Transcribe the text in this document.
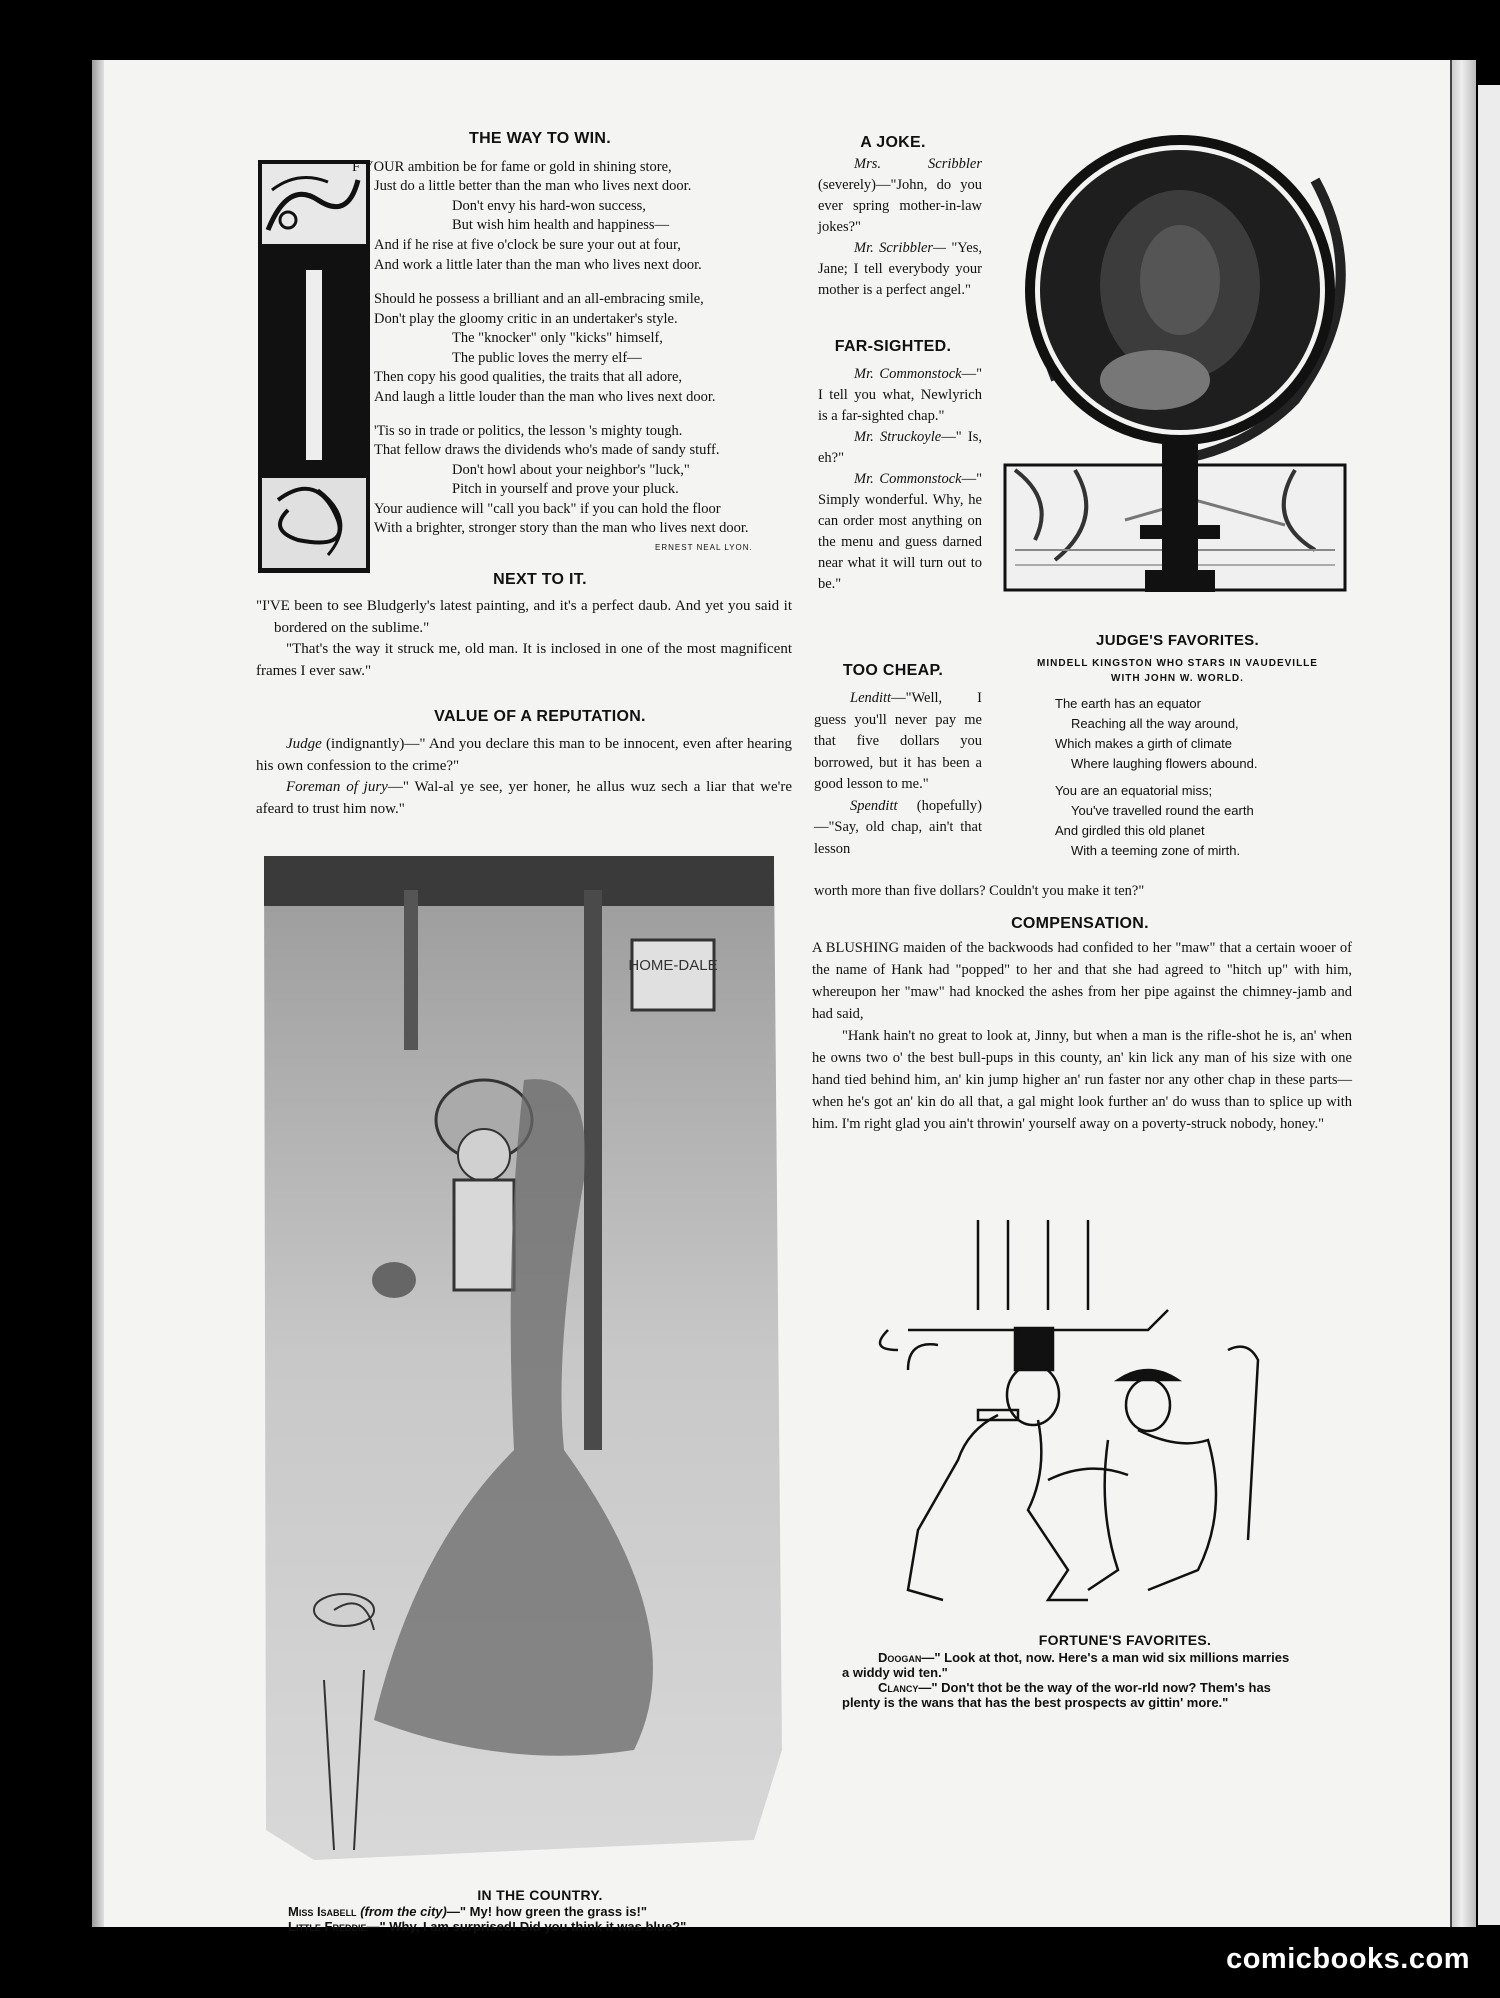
THE WAY TO WIN.
F YOUR ambition be for fame or gold in shining store,
Just do a little better than the man who lives next door.
Don't envy his hard-won success,
But wish him health and happiness—
And if he rise at five o'clock be sure your out at four,
And work a little later than the man who lives next door.
Should he possess a brilliant and an all-embracing smile,
Don't play the gloomy critic in an undertaker's style.
The "knocker" only "kicks" himself,
The public loves the merry elf—
Then copy his good qualities, the traits that all adore,
And laugh a little louder than the man who lives next door.
'Tis so in trade or politics, the lesson 's mighty tough.
That fellow draws the dividends who's made of sandy stuff.
Don't howl about your neighbor's "luck,"
Pitch in yourself and prove your pluck.
Your audience will "call you back" if you can hold the floor
With a brighter, stronger story than the man who lives next door.
ERNEST NEAL LYON.
NEXT TO IT.

"I'VE been to see Bludgerly's latest painting, and it's a perfect daub. And yet you said it bordered on the sublime."

"That's the way it struck me, old man. It is inclosed in one of the most magnificent frames I ever saw."

VALUE OF A REPUTATION.

Judge (indignantly)—" And you declare this man to be innocent, even after hearing his own confession to the crime?"

Foreman of jury—" Wal-al ye see, yer honer, he allus wuz sech a liar that we're afeard to trust him now."

HOME-DALE
IN THE COUNTRY.
Miss Isabell (from the city)—" My! how green the grass is!"
Little Freddie—" Why, I am surprised! Did you think it was blue?"
A JOKE.

Mrs. Scribbler (severely)—"John, do you ever spring mother-in-law jokes?"

Mr. Scribbler— "Yes, Jane; I tell everybody your mother is a perfect angel."

FAR-SIGHTED.

Mr. Commonstock—" I tell you what, Newlyrich is a far-sighted chap."

Mr. Struckoyle—" Is, eh?"

Mr. Commonstock—" Simply wonderful. Why, he can order most anything on the menu and guess darned near what it will turn out to be."

TOO CHEAP.

Lenditt—"Well, I guess you'll never pay me that five dollars you borrowed, but it has been a good lesson to me."

Spenditt (hopefully)—"Say, old chap, ain't that lesson

worth more than five dollars? Couldn't you make it ten?"
JUDGE'S FAVORITES.
MINDELL KINGSTON WHO STARS IN VAUDEVILLE
WITH JOHN W. WORLD.
The earth has an equator
Reaching all the way around,
Which makes a girth of climate
Where laughing flowers abound.
You are an equatorial miss;
You've travelled round the earth
And girdled this old planet
With a teeming zone of mirth.
COMPENSATION.

A BLUSHING maiden of the backwoods had confided to her "maw" that a certain wooer of the name of Hank had "popped" to her and that she had agreed to "hitch up" with him, whereupon her "maw" had knocked the ashes from her pipe against the chimney-jamb and had said,

"Hank hain't no great to look at, Jinny, but when a man is the rifle-shot he is, an' when he owns two o' the best bull-pups in this county, an' kin lick any man of his size with one hand tied behind him, an' kin jump higher an' run faster nor any other chap in these parts—when he's got an' kin do all that, a gal might look further an' do wuss than to splice up with him. I'm right glad you ain't throwin' yourself away on a poverty-struck nobody, honey."

FORTUNE'S FAVORITES.

Doogan—" Look at thot, now. Here's a man wid six millions marries a widdy wid ten."

Clancy—" Don't thot be the way of the wor-rld now? Them's has plenty is the wans that has the best prospects av gittin' more."

comicbooks.com
